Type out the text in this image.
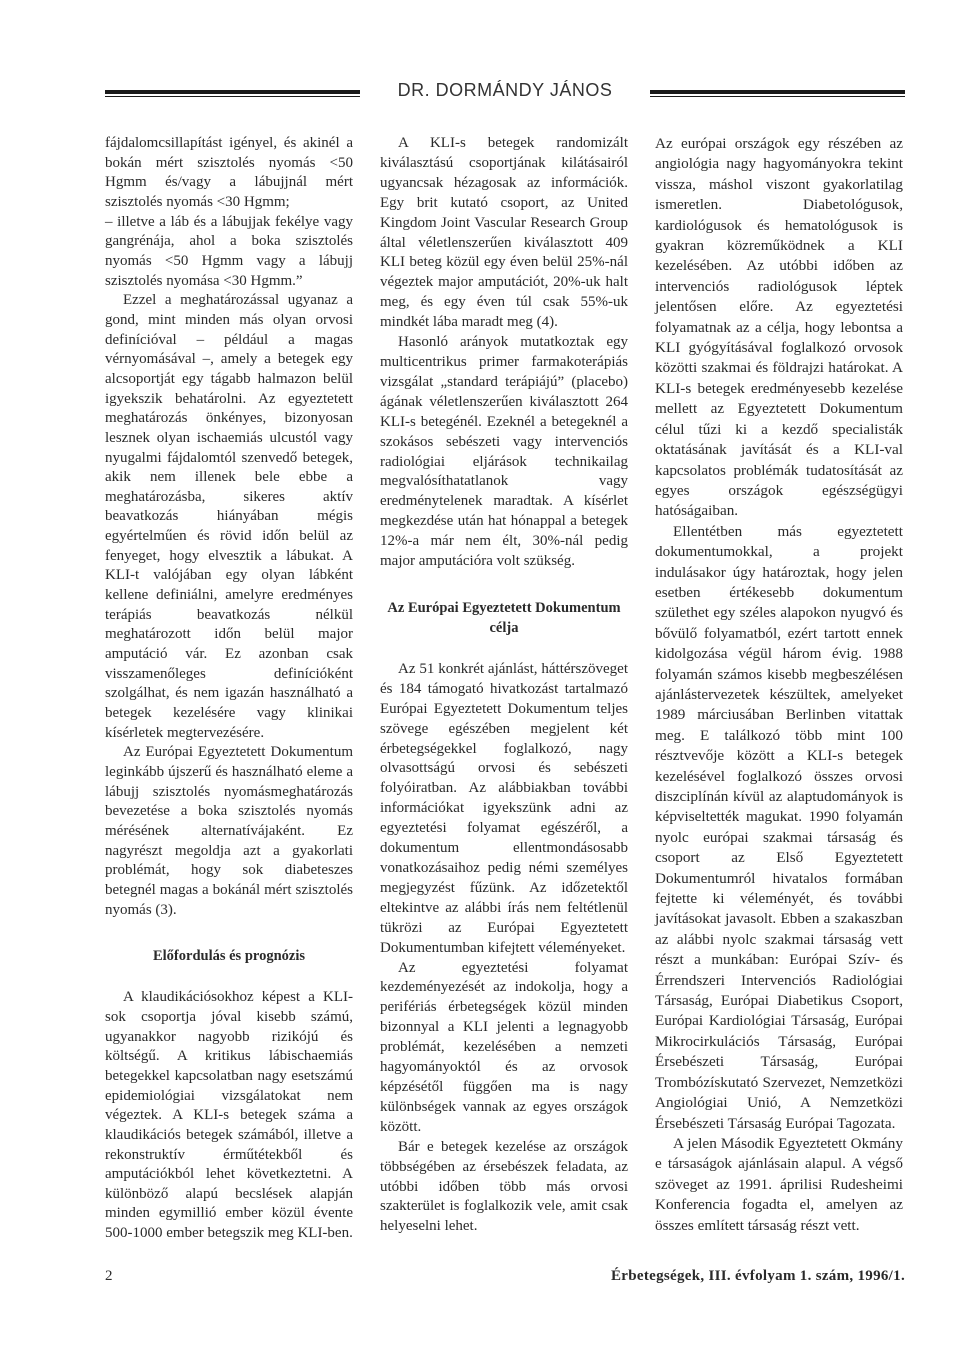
DR. DORMÁNDY JÁNOS

fájdalomcsillapítást igényel, és akinél a bokán mért szisztolés nyomás <50 Hgmm és/vagy a lábujjnál mért szisztolés nyomás <30 Hgmm;

– illetve a láb és a lábujjak fekélye vagy gangrénája, ahol a boka szisztolés nyomás <50 Hgmm vagy a lábujj szisztolés nyomása <30 Hgmm.”

Ezzel a meghatározással ugyanaz a gond, mint minden más olyan orvosi definícióval – például a magas vérnyomásával –, amely a betegek egy alcsoportját egy tágabb halmazon belül igyekszik behatárolni. Az egyeztetett meghatározás önkényes, bizonyosan lesznek olyan ischaemiás ulcustól vagy nyugalmi fájdalomtól szenvedő betegek, akik nem illenek bele ebbe a meghatározásba, sikeres aktív beavatkozás hiányában mégis egyértelműen és rövid időn belül az fenyeget, hogy elvesztik a lábukat. A KLI-t valójában egy olyan lábként kellene definiálni, amelyre eredményes terápiás beavatkozás nélkül meghatározott időn belül major amputáció vár. Ez azonban csak visszamenőleges definícióként szolgálhat, és nem igazán használható a betegek kezelésére vagy klinikai kísérletek megtervezésére.

Az Európai Egyeztetett Dokumentum leginkább újszerű és használható eleme a lábujj szisztolés nyomásmeghatározás bevezetése a boka szisztolés nyomás mérésének alternatívájaként. Ez nagyrészt megoldja azt a gyakorlati problémát, hogy sok diabeteszes betegnél magas a bokánál mért szisztolés nyomás (3).

Előfordulás és prognózis

A klaudikációsokhoz képest a KLI-sok csoportja jóval kisebb számú, ugyanakkor nagyobb rizikójú és költségű. A kritikus lábischaemiás betegekkel kapcsolatban nagy esetszámú epidemiológiai vizsgálatokat nem végeztek. A KLI-s betegek száma a klaudikációs betegek számából, illetve a rekonstruktív érműtétekből és amputációkból lehet következtetni. A különböző alapú becslések alapján minden egymillió ember közül évente 500-1000 ember betegszik meg KLI-ben.

A KLI-s betegek randomizált kiválasztású csoportjának kilátásairól ugyancsak hézagosak az információk. Egy brit kutató csoport, az United Kingdom Joint Vascular Research Group által véletlenszerűen kiválasztott 409 KLI beteg közül egy éven belül 25%-nál végeztek major amputációt, 20%-uk halt meg, és egy éven túl csak 55%-uk mindkét lába maradt meg (4).

Hasonló arányok mutatkoztak egy multicentrikus primer farmakoterápiás vizsgálat „standard terápiájú” (placebo) ágának véletlenszerűen kiválasztott 264 KLI-s betegénél. Ezeknél a betegeknél a szokásos sebészeti vagy intervenciós radiológiai eljárások technikailag megvalósíthatatlanok vagy eredménytelenek maradtak. A kísérlet megkezdése után hat hónappal a betegek 12%-a már nem élt, 30%-nál pedig major amputációra volt szükség.

Az Európai Egyeztetett Dokumentum célja

Az 51 konkrét ajánlást, háttérszöveget és 184 támogató hivatkozást tartalmazó Európai Egyeztetett Dokumentum teljes szövege egészében megjelent két érbetegségekkel foglalkozó, nagy olvasottságú orvosi és sebészeti folyóiratban. Az alábbiakban további információkat igyekszünk adni az egyeztetési folyamat egészéről, a dokumentum ellentmondásosabb vonatkozásaihoz pedig némi személyes megjegyzést fűzünk. Az időzetektől eltekintve az alábbi írás nem feltétlenül tükrözi az Európai Egyeztetett Dokumentumban kifejtett véleményeket.

Az egyeztetési folyamat kezdeményezését az indokolja, hogy a perifériás érbetegségek közül minden bizonnyal a KLI jelenti a legnagyobb problémát, kezelésében a nemzeti hagyományoktól és az orvosok képzésétől függően ma is nagy különbségek vannak az egyes országok között.

Bár e betegek kezelése az országok többségében az érsebészek feladata, az utóbbi időben több más orvosi szakterület is foglalkozik vele, amit csak helyeselni lehet.

Az európai országok egy részében az angiológia nagy hagyományokra tekint vissza, máshol viszont gyakorlatilag ismeretlen. Diabetológusok, kardiológusok és hematológusok is gyakran közreműködnek a KLI kezelésében. Az utóbbi időben az intervenciós radiológusok léptek jelentősen előre. Az egyeztetési folyamatnak az a célja, hogy lebontsa a KLI gyógyításával foglalkozó orvosok közötti szakmai és földrajzi határokat. A KLI-s betegek eredményesebb kezelése mellett az Egyeztetett Dokumentum célul tűzi ki a kezdő specialisták oktatásának javítását és a KLI-val kapcsolatos problémák tudatosítását az egyes országok egészségügyi hatóságaiban.

Ellentétben más egyeztetett dokumentumokkal, a projekt indulásakor úgy határoztak, hogy jelen esetben értékesebb dokumentum születhet egy széles alapokon nyugvó és bővülő folyamatból, ezért tartott ennek kidolgozása végül három évig. 1988 folyamán számos kisebb megbeszélésen ajánlástervezetek készültek, amelyeket 1989 márciusában Berlinben vitattak meg. E találkozó több mint 100 résztvevője között a KLI-s betegek kezelésével foglalkozó összes orvosi diszciplínán kívül az alaptudományok is képviseltették magukat. 1990 folyamán nyolc európai szakmai társaság és csoport az Első Egyeztetett Dokumentumról hivatalos formában fejtette ki véleményét, és további javításokat javasolt. Ebben a szakaszban az alábbi nyolc szakmai társaság vett részt a munkában: Európai Szív- és Érrendszeri Intervenciós Radiológiai Társaság, Európai Diabetikus Csoport, Európai Kardiológiai Társaság, Európai Mikrocirkulációs Társaság, Európai Érsebészeti Társaság, Európai Trombózískutató Szervezet, Nemzetközi Angiológiai Unió, A Nemzetközi Érsebészeti Társaság Európai Tagozata.

A jelen Második Egyeztetett Okmány e társaságok ajánlásain alapul. A végső szöveget az 1991. áprilisi Rudesheimi Konferencia fogadta el, amelyen az összes említett társaság részt vett.

2	Érbetegségek, III. évfolyam 1. szám, 1996/1.
